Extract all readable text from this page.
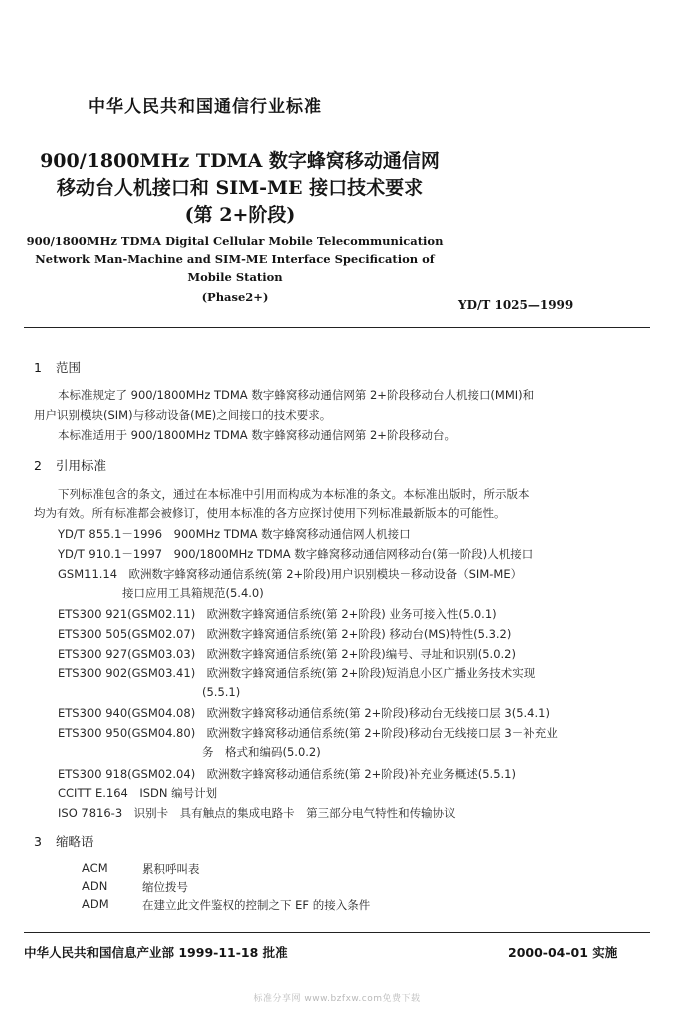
中华人民共和国通信行业标准
900/1800MHz TDMA 数字蜂窝移动通信网
移动台人机接口和 SIM-ME 接口技术要求
(第 2+阶段)
900/1800MHz TDMA Digital Cellular Mobile Telecommunication
Network Man-Machine and SIM-ME Interface Specification of
Mobile Station
(Phase2+)
YD/T 1025—1999
1 范围
本标准规定了 900/1800MHz TDMA 数字蜂窝移动通信网第 2+阶段移动台人机接口(MMI)和
用户识别模块(SIM)与移动设备(ME)之间接口的技术要求。
本标准适用于 900/1800MHz TDMA 数字蜂窝移动通信网第 2+阶段移动台。
2 引用标准
下列标准包含的条文，通过在本标准中引用而构成为本标准的条文。本标准出版时，所示版本
均为有效。所有标准都会被修订，使用本标准的各方应探讨使用下列标准最新版本的可能性。
YD/T 855.1－1996　900MHz TDMA 数字蜂窝移动通信网人机接口
YD/T 910.1－1997　900/1800MHz TDMA 数字蜂窝移动通信网移动台(第一阶段)人机接口
GSM11.14　欧洲数字蜂窝移动通信系统(第 2+阶段)用户识别模块－移动设备（SIM-ME）
接口应用工具箱规范(5.4.0)
ETS300 921(GSM02.11)　欧洲数字蜂窝通信系统(第 2+阶段) 业务可接入性(5.0.1)
ETS300 505(GSM02.07)　欧洲数字蜂窝通信系统(第 2+阶段) 移动台(MS)特性(5.3.2)
ETS300 927(GSM03.03)　欧洲数字蜂窝通信系统(第 2+阶段)编号、寻址和识别(5.0.2)
ETS300 902(GSM03.41)　欧洲数字蜂窝通信系统(第 2+阶段)短消息小区广播业务技术实现
(5.5.1)
ETS300 940(GSM04.08)　欧洲数字蜂窝移动通信系统(第 2+阶段)移动台无线接口层 3(5.4.1)
ETS300 950(GSM04.80)　欧洲数字蜂窝移动通信系统(第 2+阶段)移动台无线接口层 3－补充业
务　格式和编码(5.0.2)
ETS300 918(GSM02.04)　欧洲数字蜂窝移动通信系统(第 2+阶段)补充业务概述(5.5.1)
CCITT E.164　ISDN 编号计划
ISO 7816-3　识别卡　具有触点的集成电路卡　第三部分电气特性和传输协议
3 缩略语
ACM	累积呼叫表
ADN	缩位拨号
ADM	在建立此文件鉴权的控制之下 EF 的接入条件
中华人民共和国信息产业部 1999-11-18 批准	2000-04-01 实施
标准分享网 www.bzfxw.com免费下载
